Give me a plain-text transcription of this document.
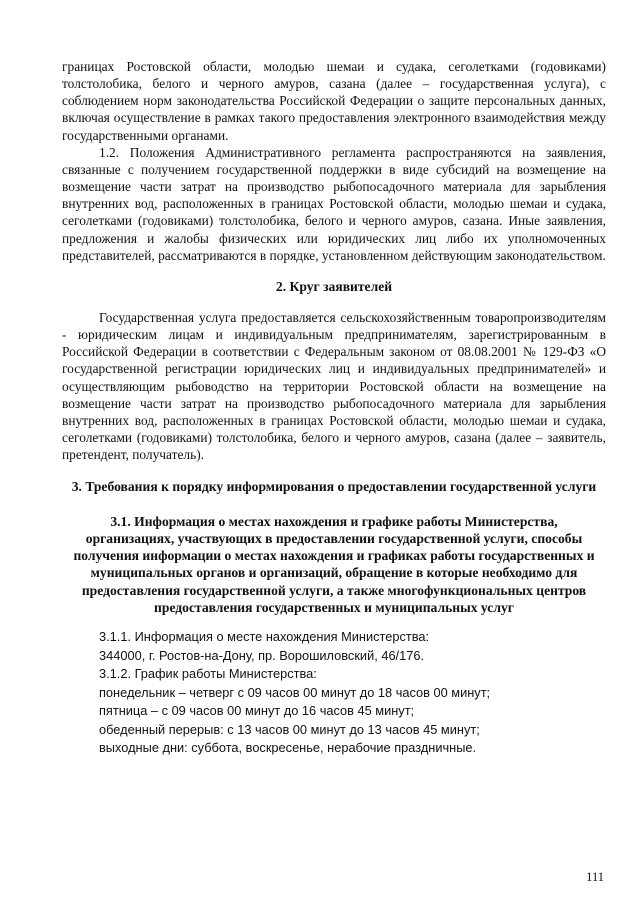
границах Ростовской области, молодью шемаи и судака, сеголетками (годовиками) толстолобика, белого и черного амуров, сазана (далее – государственная услуга), с соблюдением норм законодательства Российской Федерации о защите персональных данных, включая осуществление в рамках такого предоставления электронного взаимодействия между государственными органами.

1.2. Положения Административного регламента распространяются на заявления, связанные с получением государственной поддержки в виде субсидий на возмещение на возмещение части затрат на производство рыбопосадочного материала для зарыбления внутренних вод, расположенных в границах Ростовской области, молодью шемаи и судака, сеголетками (годовиками) толстолобика, белого и черного амуров, сазана. Иные заявления, предложения и жалобы физических или юридических лиц либо их уполномоченных представителей, рассматриваются в порядке, установленном действующим законодательством.

2. Круг заявителей

Государственная услуга предоставляется сельскохозяйственным товаропроизводителям - юридическим лицам и индивидуальным предпринимателям, зарегистрированным в Российской Федерации в соответствии с Федеральным законом от 08.08.2001 № 129-ФЗ «О государственной регистрации юридических лиц и индивидуальных предпринимателей» и осуществляющим рыбоводство на территории Ростовской области на возмещение на возмещение части затрат на производство рыбопосадочного материала для зарыбления внутренних вод, расположенных в границах Ростовской области, молодью шемаи и судака, сеголетками (годовиками) толстолобика, белого и черного амуров, сазана (далее – заявитель, претендент, получатель).

3. Требования к порядку информирования о предоставлении государственной услуги
3.1. Информация о местах нахождения и графике работы Министерства, организациях, участвующих в предоставлении государственной услуги, способы получения информации о местах нахождения и графиках работы государственных и муниципальных органов и организаций, обращение в которые необходимо для предоставления государственной услуги, а также многофункциональных центров предоставления государственных и муниципальных услуг
3.1.1. Информация о месте нахождения Министерства:
344000, г. Ростов-на-Дону, пр. Ворошиловский, 46/176.
3.1.2. График работы Министерства:
понедельник – четверг с 09 часов 00 минут до 18 часов 00 минут;
пятница – с 09 часов 00 минут до 16 часов 45 минут;
обеденный перерыв: с 13 часов 00 минут до 13 часов 45 минут;
выходные дни: суббота, воскресенье, нерабочие праздничные.
111
